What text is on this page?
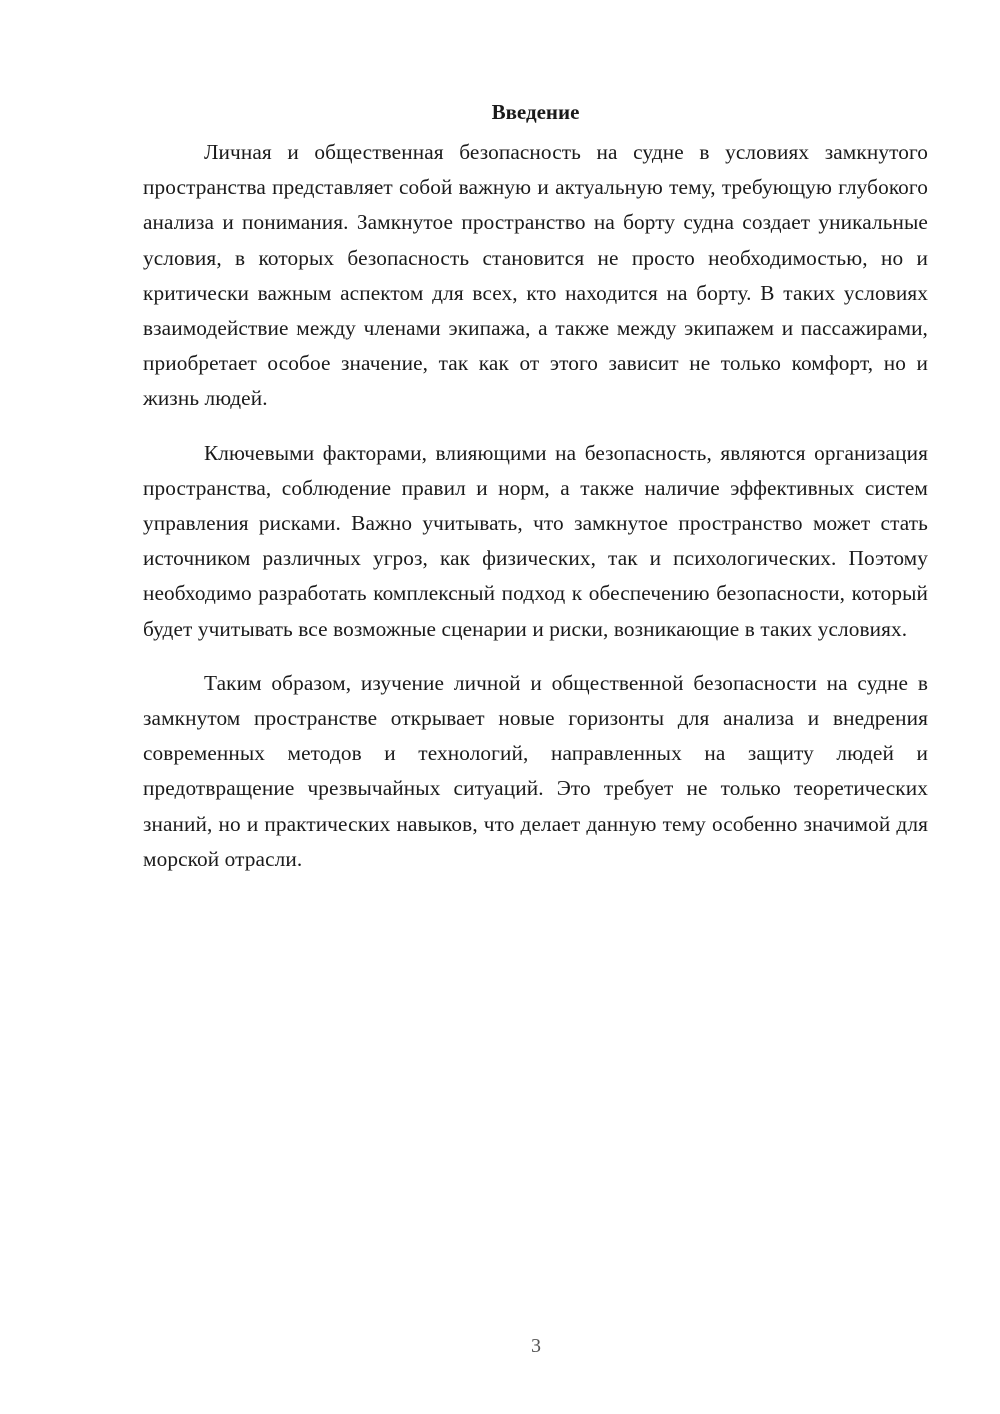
Введение

Личная и общественная безопасность на судне в условиях замкнутого пространства представляет собой важную и актуальную тему, требующую глубокого анализа и понимания. Замкнутое пространство на борту судна создает уникальные условия, в которых безопасность становится не просто необходимостью, но и критически важным аспектом для всех, кто находится на борту. В таких условиях взаимодействие между членами экипажа, а также между экипажем и пассажирами, приобретает особое значение, так как от этого зависит не только комфорт, но и жизнь людей.

Ключевыми факторами, влияющими на безопасность, являются организация пространства, соблюдение правил и норм, а также наличие эффективных систем управления рисками. Важно учитывать, что замкнутое пространство может стать источником различных угроз, как физических, так и психологических. Поэтому необходимо разработать комплексный подход к обеспечению безопасности, который будет учитывать все возможные сценарии и риски, возникающие в таких условиях.

Таким образом, изучение личной и общественной безопасности на судне в замкнутом пространстве открывает новые горизонты для анализа и внедрения современных методов и технологий, направленных на защиту людей и предотвращение чрезвычайных ситуаций. Это требует не только теоретических знаний, но и практических навыков, что делает данную тему особенно значимой для морской отрасли.

3
